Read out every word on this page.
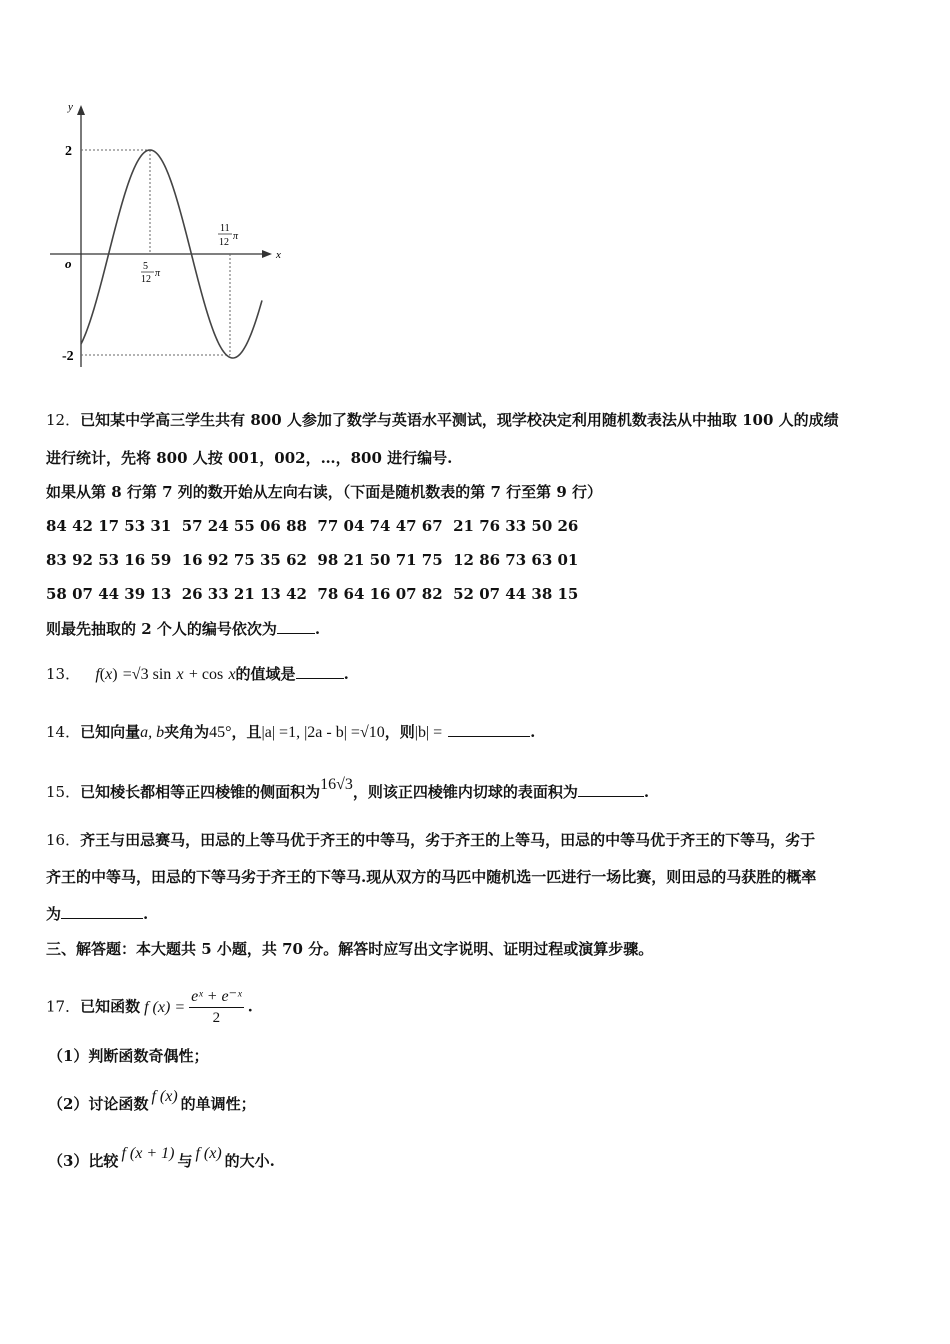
y
x
o
2
-2
5
12
π
11
12
π
12．已知某中学高三学生共有 800 人参加了数学与英语水平测试，现学校决定利用随机数表法从中抽取 100 人的成绩
进行统计，先将 800 人按 001，002，…，800 进行编号.
如果从第 8 行第 7 列的数开始从左向右读，（下面是随机数表的第 7 行至第 9 行）
84 42 17 53 31  57 24 55 06 88  77 04 74 47 67  21 76 33 50 26
83 92 53 16 59  16 92 75 35 62  98 21 50 71 75  12 86 73 63 01
58 07 44 39 13  26 33 21 13 42  78 64 16 07 82  52 07 44 38 15
则最先抽取的 2 个人的编号依次为	.
13． f(x) =√3 sin x + cos x的值域是	.
14．已知向量a, b夹角为45°，且|a| =1, |2a - b| =√10，则|b| =	.
15．已知棱长都相等正四棱锥的侧面积为16√3，则该正四棱锥内切球的表面积为	.
16．齐王与田忌赛马，田忌的上等马优于齐王的中等马，劣于齐王的上等马，田忌的中等马优于齐王的下等马，劣于
齐王的中等马，田忌的下等马劣于齐王的下等马.现从双方的马匹中随机选一匹进行一场比赛，则田忌的马获胜的概率
为	.
三、解答题：本大题共 5 小题，共 70 分。解答时应写出文字说明、证明过程或演算步骤。
17．已知函数 f $(x) = \frac{\text{eˣ + e⁻ˣ}}{2}$ .
（1）判断函数奇偶性；
（2）讨论函数 f (x) 的单调性；
（3）比较 f (x + 1) 与 f (x) 的大小.
